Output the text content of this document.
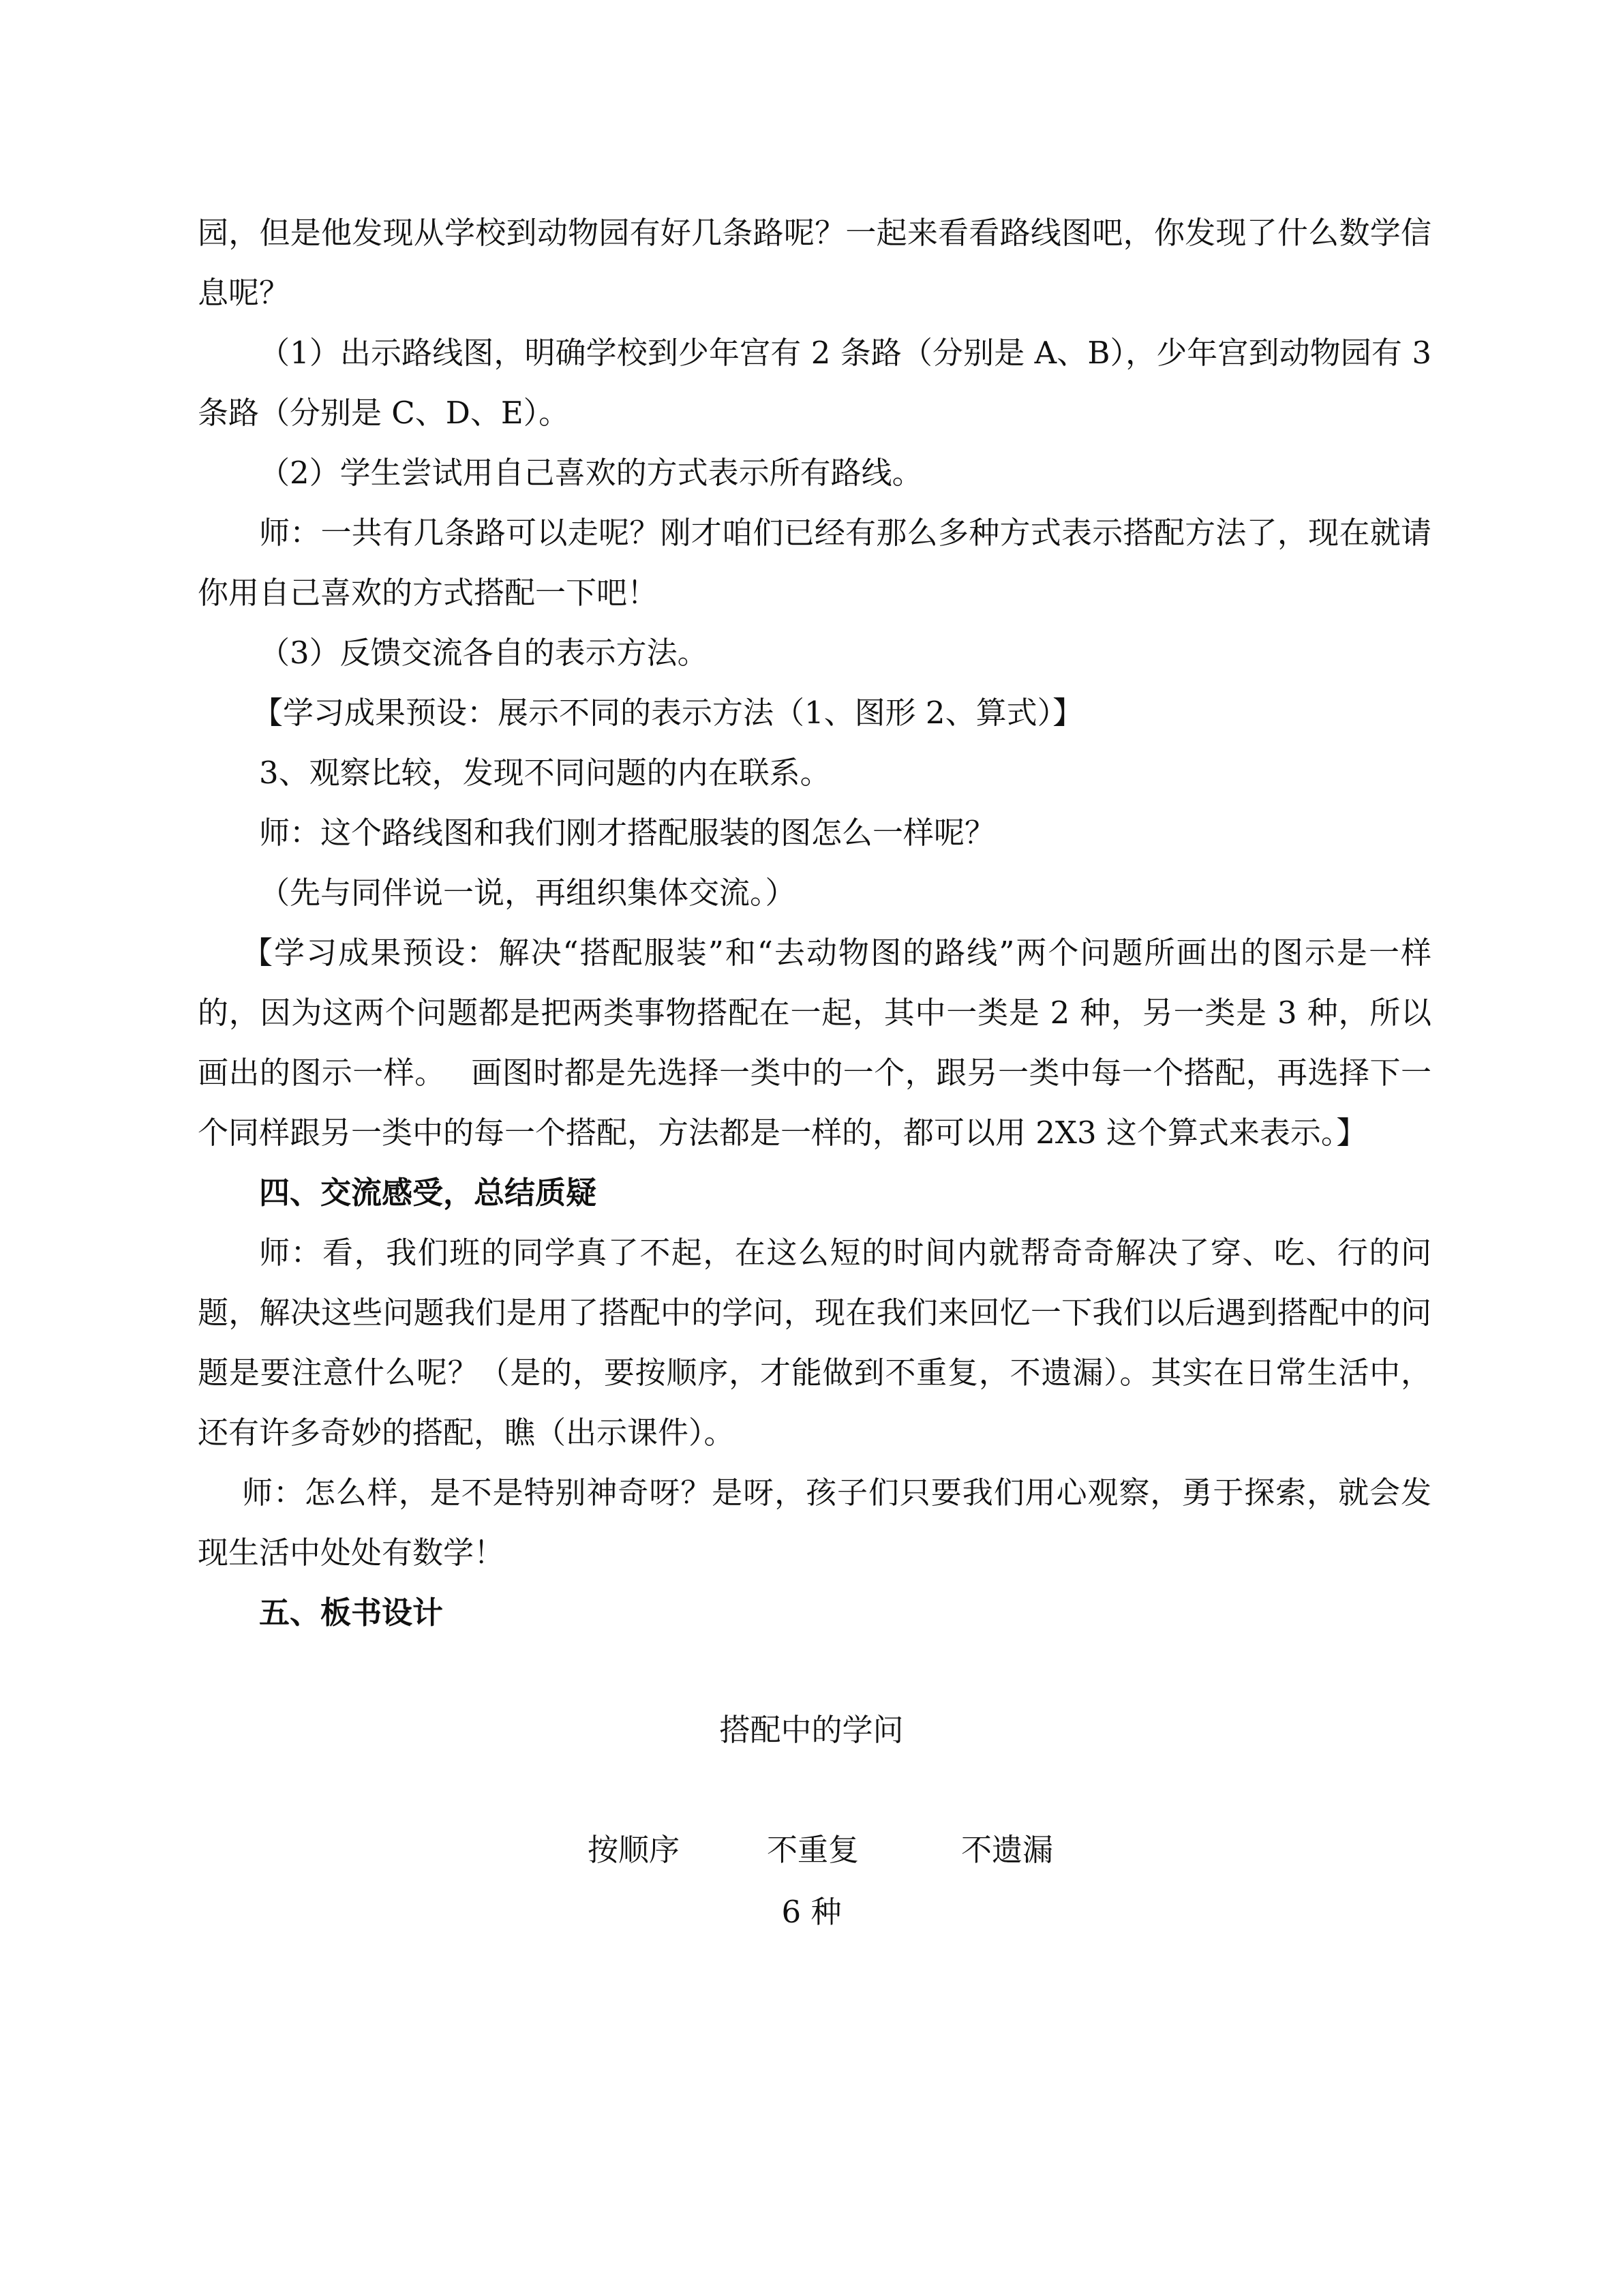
园，但是他发现从学校到动物园有好几条路呢？一起来看看路线图吧，你发现了什么数学信息呢？

（1）出示路线图，明确学校到少年宫有 2 条路（分别是 A、B），少年宫到动物园有 3 条路（分别是 C、D、E）。

（2）学生尝试用自己喜欢的方式表示所有路线。

师：一共有几条路可以走呢？刚才咱们已经有那么多种方式表示搭配方法了，现在就请你用自己喜欢的方式搭配一下吧！

（3）反馈交流各自的表示方法。

【学习成果预设：展示不同的表示方法（1、图形 2、算式）】

3、观察比较，发现不同问题的内在联系。

师：这个路线图和我们刚才搭配服装的图怎么一样呢？

（先与同伴说一说，再组织集体交流。）

【学习成果预设：解决“搭配服装”和“去动物图的路线”两个问题所画出的图示是一样的，因为这两个问题都是把两类事物搭配在一起，其中一类是 2 种，另一类是 3 种，所以画出的图示一样。　 画图时都是先选择一类中的一个，跟另一类中每一个搭配，再选择下一个同样跟另一类中的每一个搭配，方法都是一样的，都可以用 2X3 这个算式来表示。】

四、交流感受，总结质疑

师：看，我们班的同学真了不起，在这么短的时间内就帮奇奇解决了穿、吃、行的问题，解决这些问题我们是用了搭配中的学问，现在我们来回忆一下我们以后遇到搭配中的问题是要注意什么呢？（是的，要按顺序，才能做到不重复，不遗漏）。其实在日常生活中，还有许多奇妙的搭配，瞧（出示课件）。

师：怎么样，是不是特别神奇呀？是呀，孩子们只要我们用心观察，勇于探索，就会发现生活中处处有数学！

五、板书设计

搭配中的学问
按顺序	不重复	不遗漏
6 种
